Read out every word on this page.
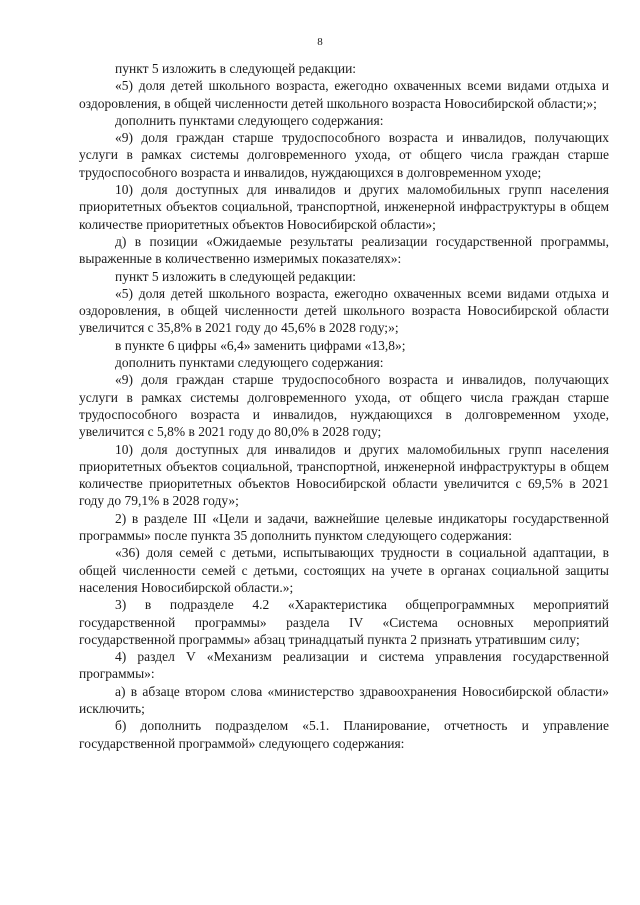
8

пункт 5 изложить в следующей редакции:

«5) доля детей школьного возраста, ежегодно охваченных всеми видами отдыха и оздоровления, в общей численности детей школьного возраста Новосибирской области;»;

дополнить пунктами следующего содержания:

«9) доля граждан старше трудоспособного возраста и инвалидов, получающих услуги в рамках системы долговременного ухода, от общего числа граждан старше трудоспособного возраста и инвалидов, нуждающихся в долговременном уходе;

10) доля доступных для инвалидов и других маломобильных групп населения приоритетных объектов социальной, транспортной, инженерной инфраструктуры в общем количестве приоритетных объектов Новосибирской области»;

д) в позиции «Ожидаемые результаты реализации государственной программы, выраженные в количественно измеримых показателях»:

пункт 5 изложить в следующей редакции:

«5) доля детей школьного возраста, ежегодно охваченных всеми видами отдыха и оздоровления, в общей численности детей школьного возраста Новосибирской области увеличится с 35,8% в 2021 году до 45,6% в 2028 году;»;

в пункте 6 цифры «6,4» заменить цифрами «13,8»;

дополнить пунктами следующего содержания:

«9) доля граждан старше трудоспособного возраста и инвалидов, получающих услуги в рамках системы долговременного ухода, от общего числа граждан старше трудоспособного возраста и инвалидов, нуждающихся в долговременном уходе, увеличится с 5,8% в 2021 году до 80,0% в 2028 году;

10) доля доступных для инвалидов и других маломобильных групп населения приоритетных объектов социальной, транспортной, инженерной инфраструктуры в общем количестве приоритетных объектов Новосибирской области увеличится с 69,5% в 2021 году до 79,1% в 2028 году»;

2) в разделе III «Цели и задачи, важнейшие целевые индикаторы государственной программы» после пункта 35 дополнить пунктом следующего содержания:

«36) доля семей с детьми, испытывающих трудности в социальной адаптации, в общей численности семей с детьми, состоящих на учете в органах социальной защиты населения Новосибирской области.»;

3) в подразделе 4.2 «Характеристика общепрограммных мероприятий государственной программы» раздела IV «Система основных мероприятий государственной программы» абзац тринадцатый пункта 2 признать утратившим силу;

4) раздел V «Механизм реализации и система управления государственной программы»:

а) в абзаце втором слова «министерство здравоохранения Новосибирской области» исключить;

б) дополнить подразделом «5.1. Планирование, отчетность и управление государственной программой» следующего содержания:
